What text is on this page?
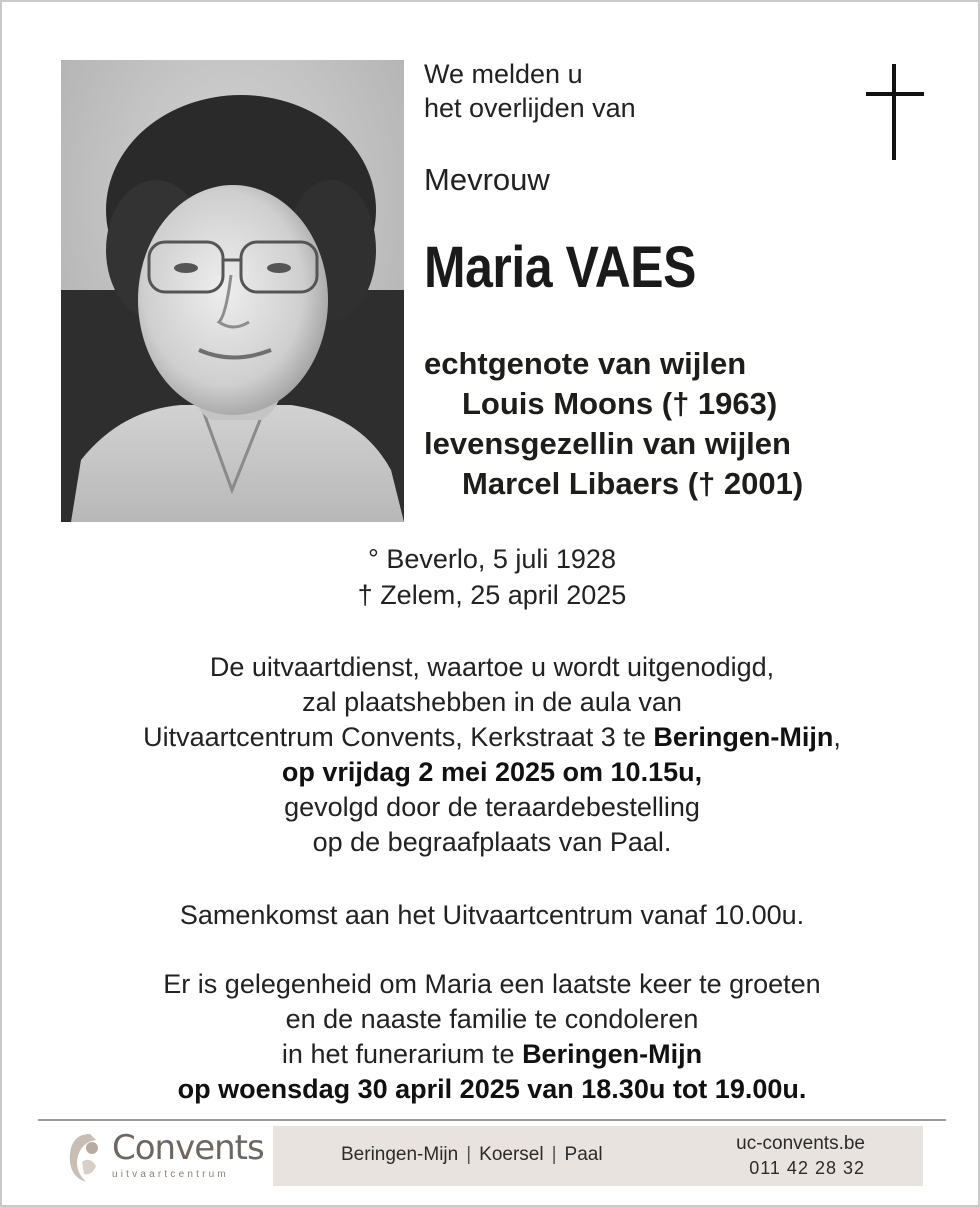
We melden u
het overlijden van
Mevrouw
Maria VAES
echtgenote van wijlen
Louis Moons († 1963)
levensgezellin van wijlen
Marcel Libaers († 2001)
° Beverlo, 5 juli 1928
† Zelem, 25 april 2025
De uitvaartdienst, waartoe u wordt uitgenodigd,
zal plaatshebben in de aula van
Uitvaartcentrum Convents, Kerkstraat 3 te Beringen-Mijn,
op vrijdag 2 mei 2025 om 10.15u,
gevolgd door de teraardebestelling
op de begraafplaats van Paal.
Samenkomst aan het Uitvaartcentrum vanaf 10.00u.
Er is gelegenheid om Maria een laatste keer te groeten
en de naaste familie te condoleren
in het funerarium te Beringen-Mijn
op woensdag 30 april 2025 van 18.30u tot 19.00u.
Convents
uitvaartcentrum
Beringen-Mijn | Koersel | Paal
uc-convents.be
011 42 28 32
